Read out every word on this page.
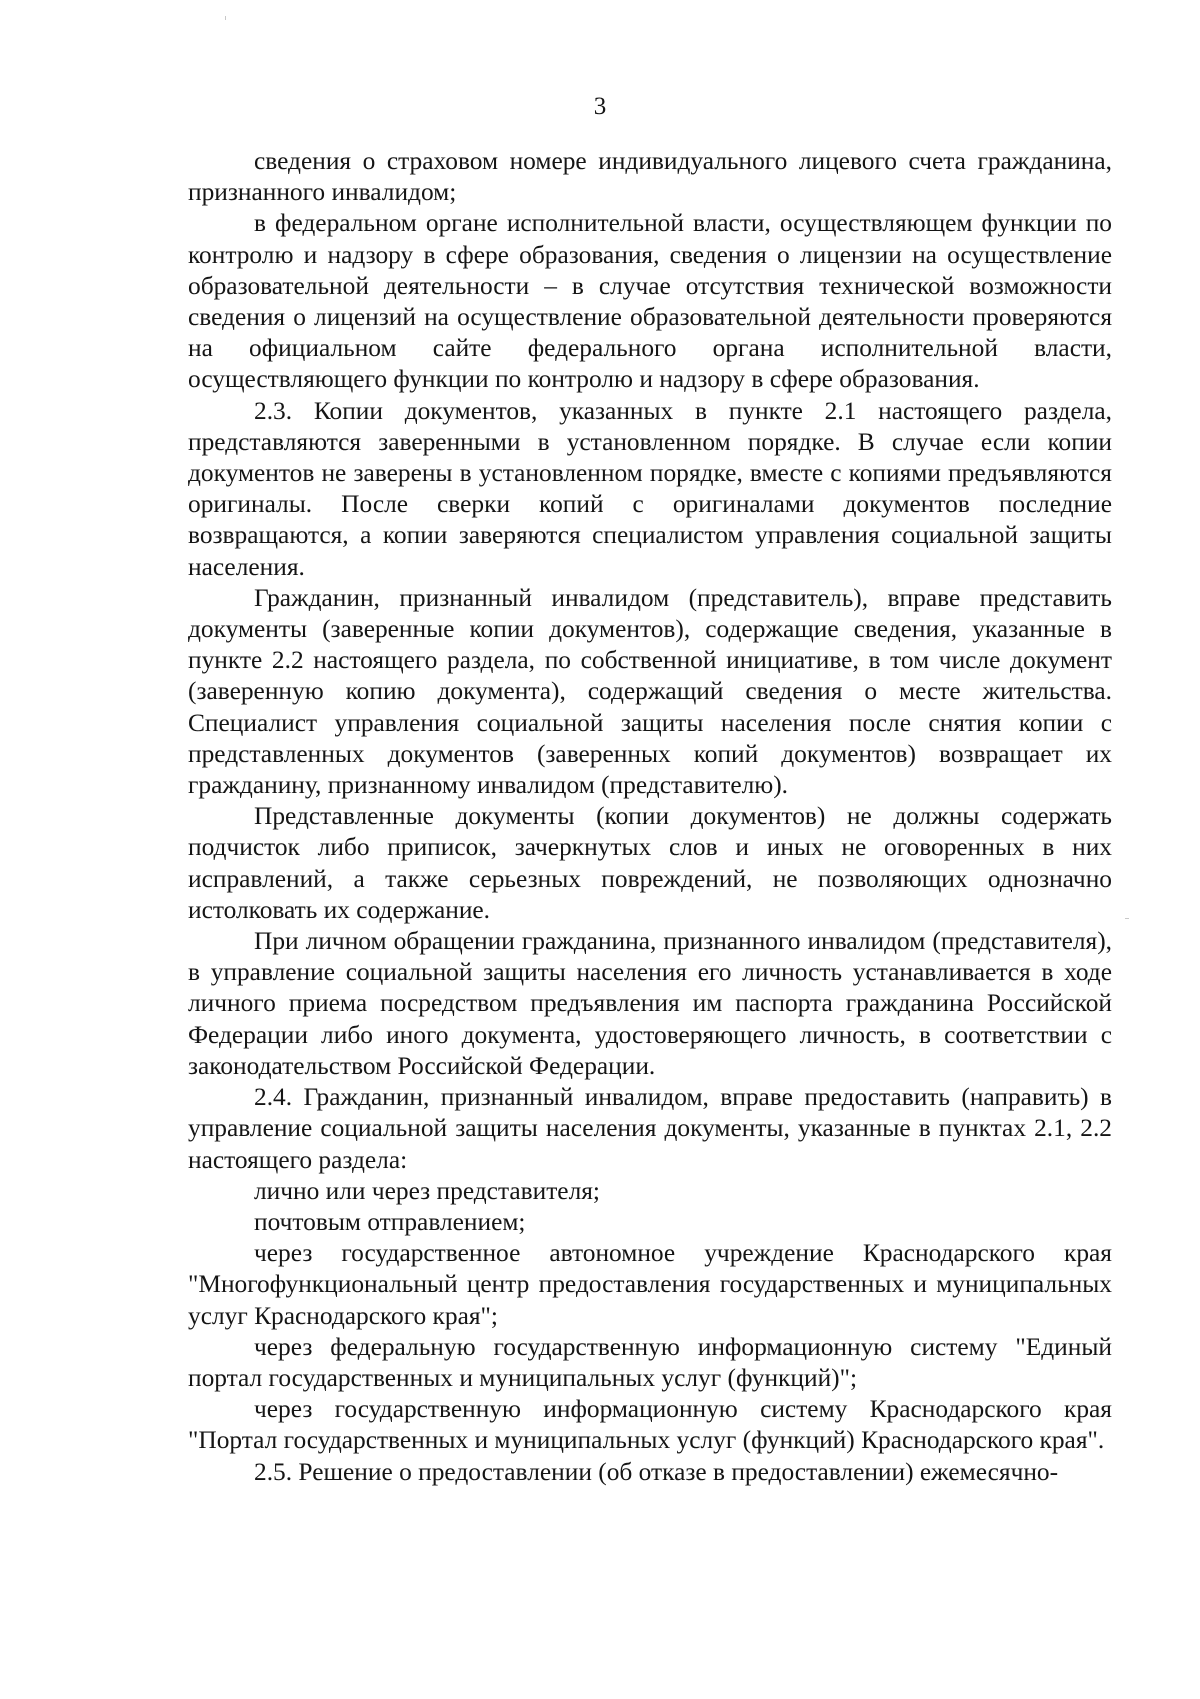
3

сведения о страховом номере индивидуального лицевого счета гражданина, признанного инвалидом;

в федеральном органе исполнительной власти, осуществляющем функции по контролю и надзору в сфере образования, сведения о лицензии на осуществление образовательной деятельности – в случае отсутствия технической возможности сведения о лицензий на осуществление образовательной деятельности проверяются на официальном сайте федерального органа исполнительной власти, осуществляющего функции по контролю и надзору в сфере образования.

2.3. Копии документов, указанных в пункте 2.1 настоящего раздела, представляются заверенными в установленном порядке. В случае если копии документов не заверены в установленном порядке, вместе с копиями предъявляются оригиналы. После сверки копий с оригиналами документов последние возвращаются, а копии заверяются специалистом управления социальной защиты населения.

Гражданин, признанный инвалидом (представитель), вправе представить документы (заверенные копии документов), содержащие сведения, указанные в пункте 2.2 настоящего раздела, по собственной инициативе, в том числе документ (заверенную копию документа), содержащий сведения о месте жительства. Специалист управления социальной защиты населения после снятия копии с представленных документов (заверенных копий документов) возвращает их гражданину, признанному инвалидом (представителю).

Представленные документы (копии документов) не должны содержать подчисток либо приписок, зачеркнутых слов и иных не оговоренных в них исправлений, а также серьезных повреждений, не позволяющих однозначно истолковать их содержание.

При личном обращении гражданина, признанного инвалидом (представителя), в управление социальной защиты населения его личность устанавливается в ходе личного приема посредством предъявления им паспорта гражданина Российской Федерации либо иного документа, удостоверяющего личность, в соответствии с законодательством Российской Федерации.

2.4. Гражданин, признанный инвалидом, вправе предоставить (направить) в управление социальной защиты населения документы, указанные в пунктах 2.1, 2.2 настоящего раздела:

лично или через представителя;

почтовым отправлением;

через государственное автономное учреждение Краснодарского края "Многофункциональный центр предоставления государственных и муниципальных услуг Краснодарского края";

через федеральную государственную информационную систему "Единый портал государственных и муниципальных услуг (функций)";

через государственную информационную систему Краснодарского края "Портал государственных и муниципальных услуг (функций) Краснодарского края".

2.5. Решение о предоставлении (об отказе в предоставлении) ежемесячно-
